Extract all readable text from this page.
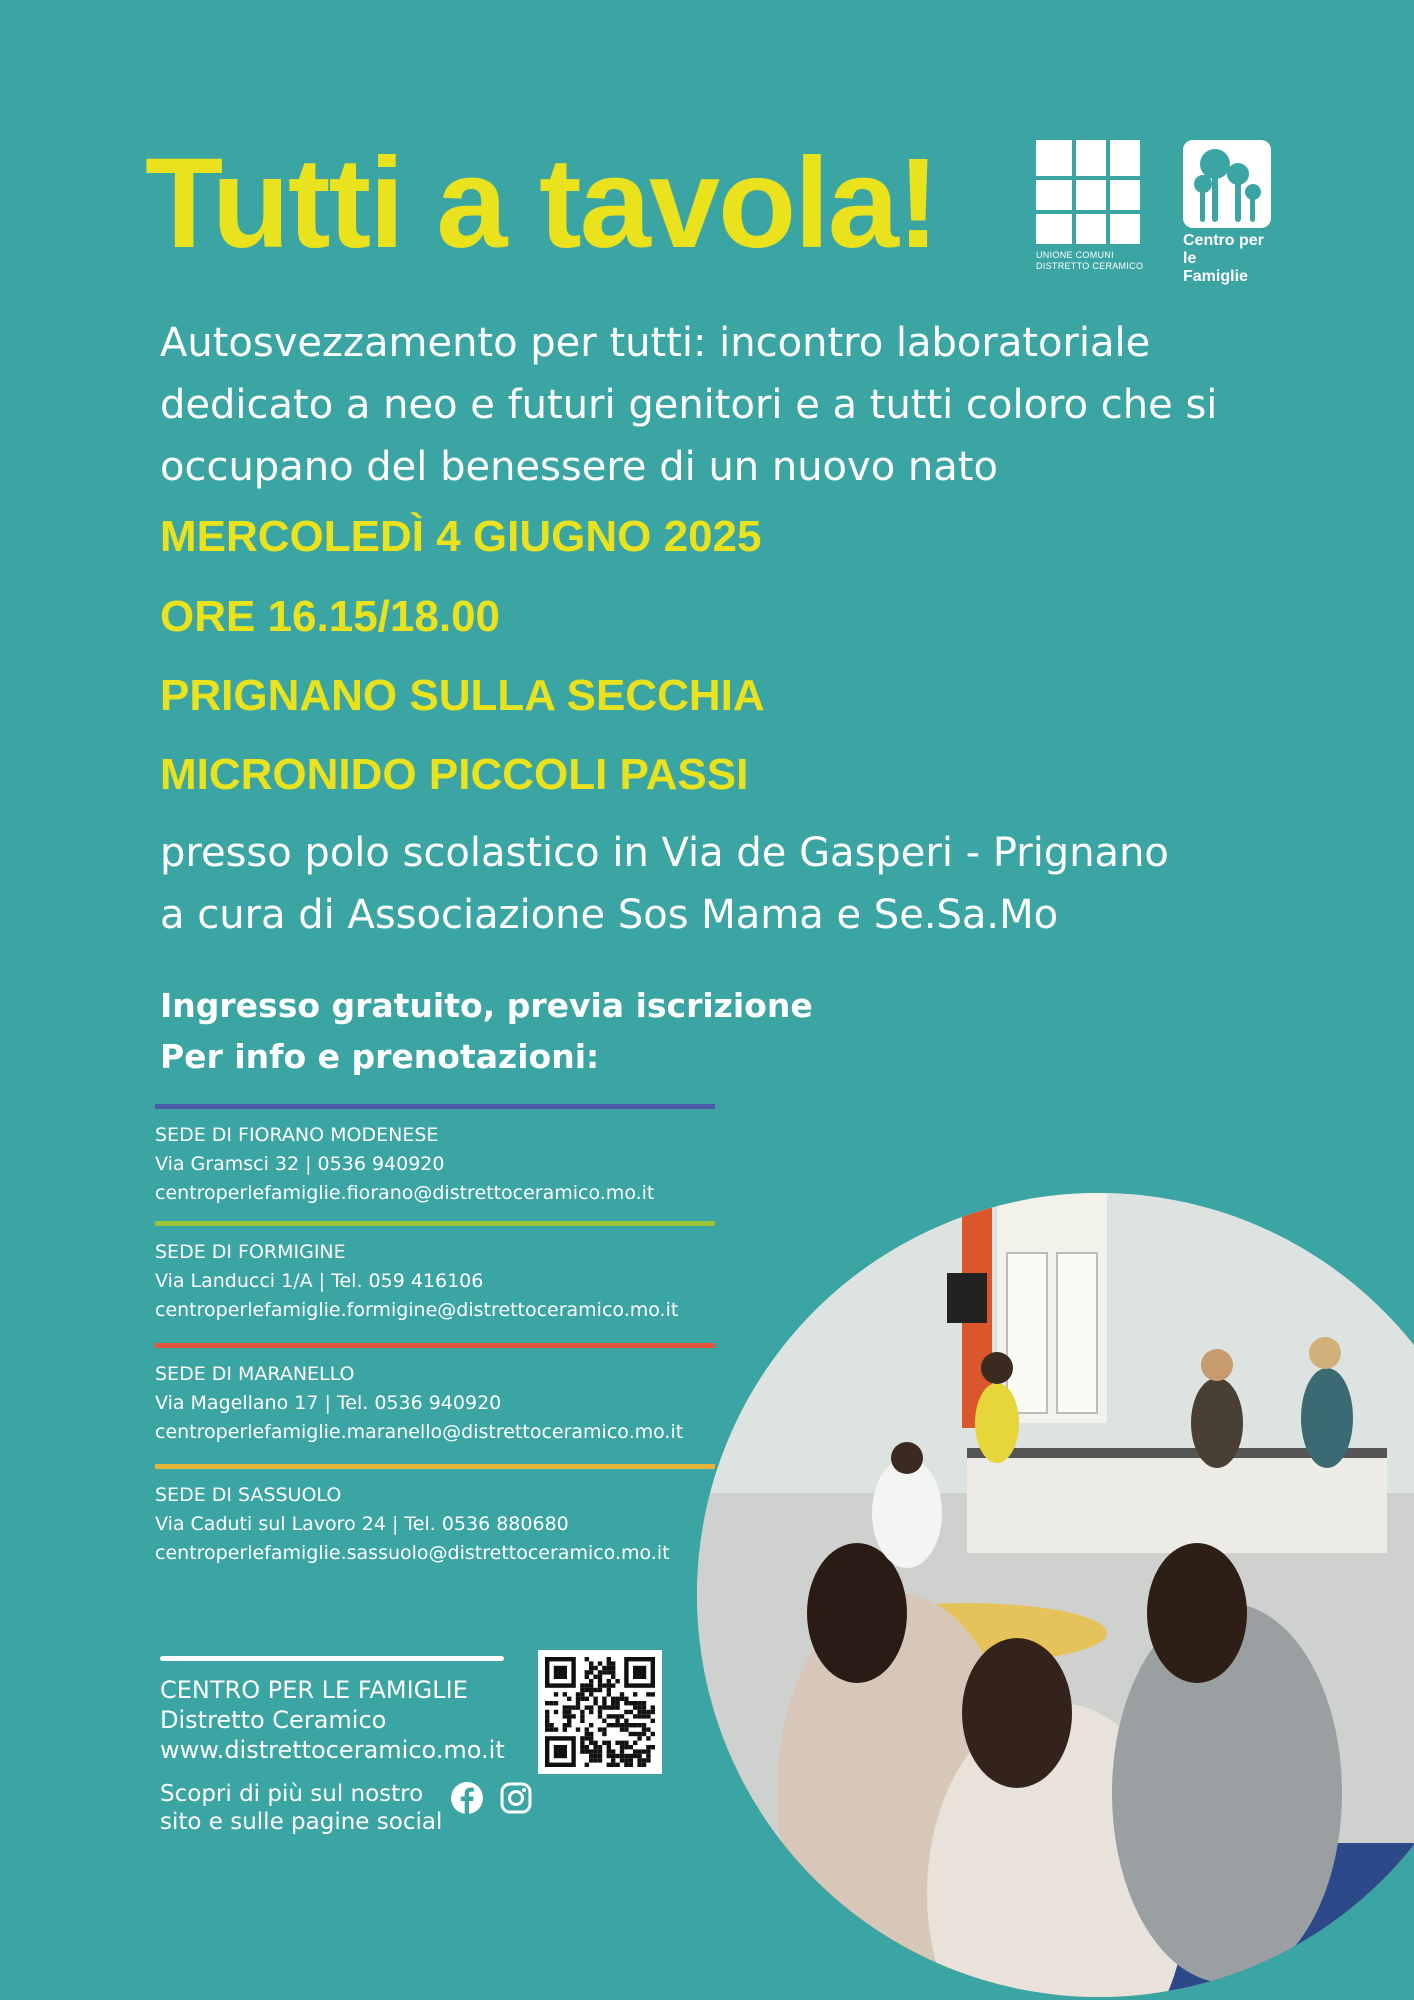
Tutti a tavola!	UNIONE COMUNI
DISTRETTO CERAMICO
Centro per le
Famiglie
Autosvezzamento per tutti: incontro laboratoriale
dedicato a neo e futuri genitori e a tutti coloro che si
occupano del benessere di un nuovo nato
MERCOLEDÌ 4 GIUGNO 2025
ORE 16.15/18.00
PRIGNANO SULLA SECCHIA
MICRONIDO PICCOLI PASSI
presso polo scolastico in Via de Gasperi - Prignano
a cura di Associazione Sos Mama e Se.Sa.Mo
Ingresso gratuito, previa iscrizione
Per info e prenotazioni:
SEDE DI FIORANO MODENESE
Via Gramsci 32 | 0536 940920
centroperlefamiglie.fiorano@distrettoceramico.mo.it
SEDE DI FORMIGINE
Via Landucci 1/A | Tel. 059 416106
centroperlefamiglie.formigine@distrettoceramico.mo.it
SEDE DI MARANELLO
Via Magellano 17 | Tel. 0536 940920
centroperlefamiglie.maranello@distrettoceramico.mo.it
SEDE DI SASSUOLO
Via Caduti sul Lavoro 24 | Tel. 0536 880680
centroperlefamiglie.sassuolo@distrettoceramico.mo.it
CENTRO PER LE FAMIGLIE
Distretto Ceramico
www.distrettoceramico.mo.it
Scopri di più sul nostro
sito e sulle pagine social
